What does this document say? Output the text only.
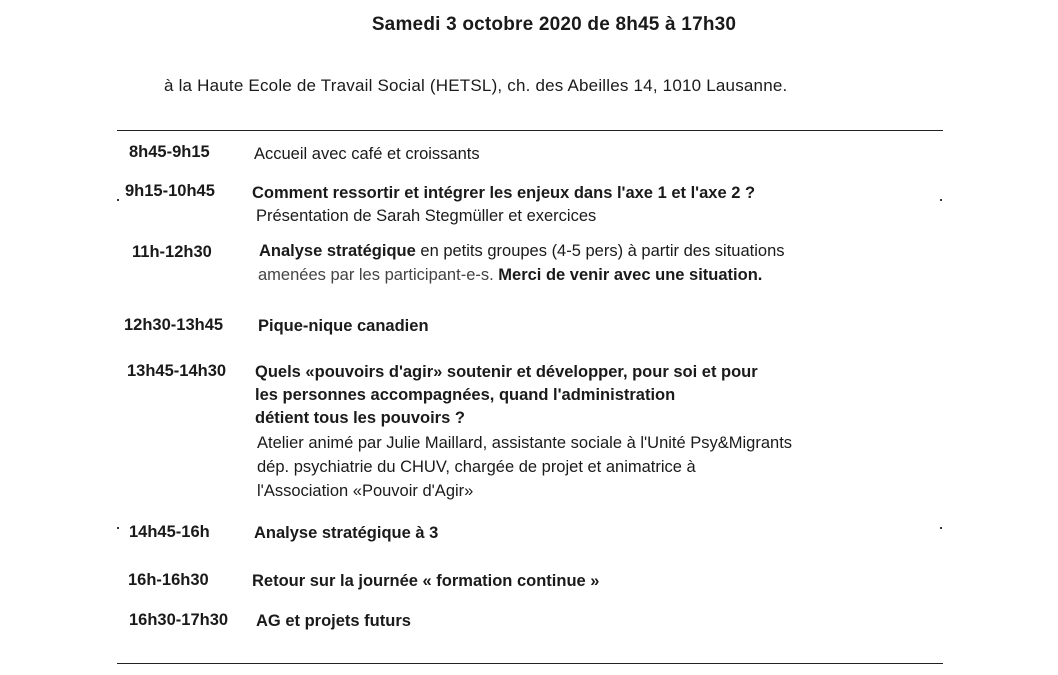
Samedi 3 octobre 2020 de 8h45 à 17h30
à la Haute Ecole de Travail Social (HETSL), ch. des Abeilles 14, 1010 Lausanne.
8h45-9h15	Accueil avec café et croissants
9h15-10h45 Comment ressortir et intégrer les enjeux dans l'axe 1 et l'axe 2 ?
Présentation de Sarah Stegmüller et exercices
11h-12h30	Analyse stratégique en petits groupes (4-5 pers) à partir des situations
amenées par les participant-e-s. Merci de venir avec une situation.
12h30-13h45 Pique-nique canadien
13h45-14h30 Quels «pouvoirs d'agir» soutenir et développer, pour soi et pour
les personnes accompagnées, quand l'administration
détient tous les pouvoirs ?
Atelier animé par Julie Maillard, assistante sociale à l'Unité Psy&Migrants
dép. psychiatrie du CHUV, chargée de projet et animatrice à
l'Association «Pouvoir d'Agir»
14h45-16h	Analyse stratégique à 3
16h-16h30	Retour sur la journée « formation continue »
16h30-17h30 AG et projets futurs
